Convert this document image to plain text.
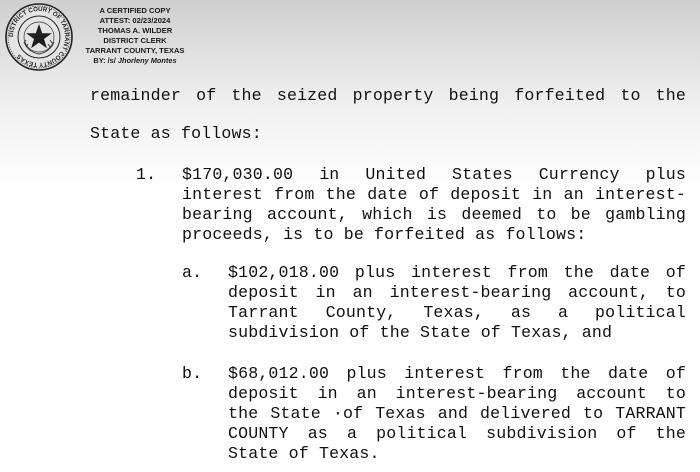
DISTRICT COURT OF TARRANT COUNTY TEXAS
A CERTIFIED COPY
ATTEST: 02/23/2024
THOMAS A. WILDER
DISTRICT CLERK
TARRANT COUNTY, TEXAS
BY: /s/ Jhorleny Montes
remainder of the seized property being forfeited to the
State as follows:
1. $170,030.00 in United States Currency plus
interest from the date of deposit in an interest-
bearing account, which is deemed to be gambling
proceeds, is to be forfeited as follows:
a. $102,018.00 plus interest from the date of
deposit in an interest-bearing account, to
Tarrant County, Texas, as a political
subdivision of the State of Texas, and
b. $68,012.00 plus interest from the date of
deposit in an interest-bearing account to
the State ·of Texas and delivered to TARRANT
COUNTY as a political subdivision of the
State of Texas.
